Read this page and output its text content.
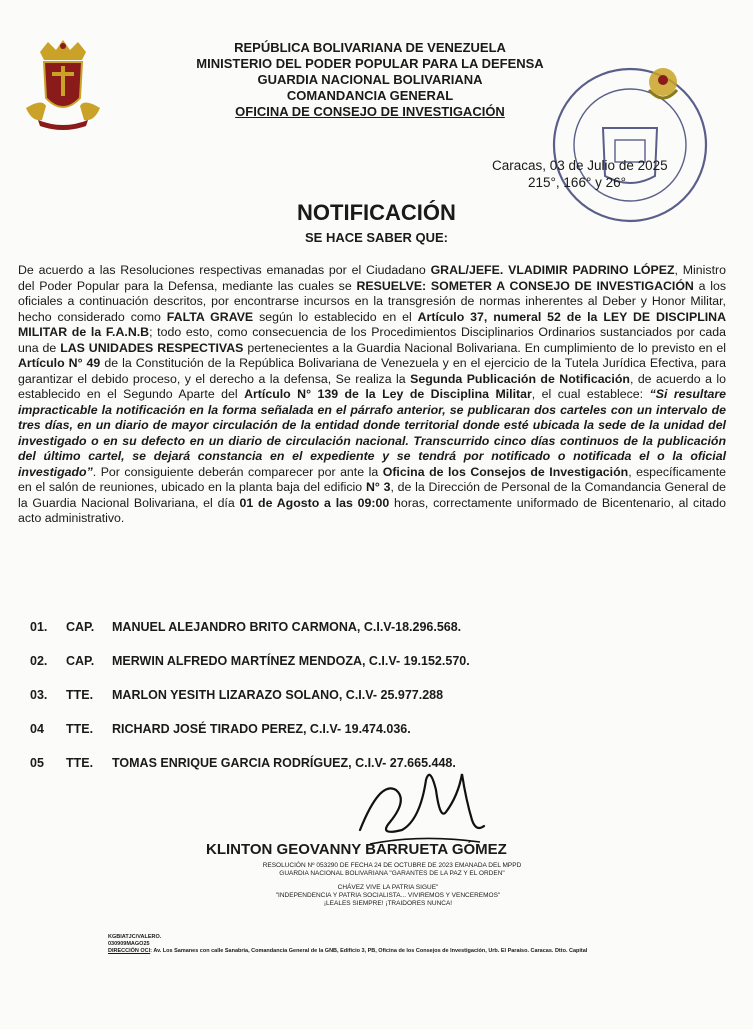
REPÚBLICA BOLIVARIANA DE VENEZUELA
MINISTERIO DEL PODER POPULAR PARA LA DEFENSA
GUARDIA NACIONAL BOLIVARIANA
COMANDANCIA GENERAL
OFICINA DE CONSEJO DE INVESTIGACIÓN
Caracas, 03 de Julio de 2025
215°, 166° y 26°
NOTIFICACIÓN
SE HACE SABER QUE:
De acuerdo a las Resoluciones respectivas emanadas por el Ciudadano GRAL/JEFE. VLADIMIR PADRINO LÓPEZ, Ministro del Poder Popular para la Defensa, mediante las cuales se RESUELVE: SOMETER A CONSEJO DE INVESTIGACIÓN a los oficiales a continuación descritos, por encontrarse incursos en la transgresión de normas inherentes al Deber y Honor Militar, hecho considerado como FALTA GRAVE según lo establecido en el Artículo 37, numeral 52 de la LEY DE DISCIPLINA MILITAR de la F.A.N.B; todo esto, como consecuencia de los Procedimientos Disciplinarios Ordinarios sustanciados por cada una de LAS UNIDADES RESPECTIVAS pertenecientes a la Guardia Nacional Bolivariana. En cumplimiento de lo previsto en el Artículo N° 49 de la Constitución de la República Bolivariana de Venezuela y en el ejercicio de la Tutela Jurídica Efectiva, para garantizar el debido proceso, y el derecho a la defensa, Se realiza la Segunda Publicación de Notificación, de acuerdo a lo establecido en el Segundo Aparte del Artículo N° 139 de la Ley de Disciplina Militar, el cual establece: “Si resultare impracticable la notificación en la forma señalada en el párrafo anterior, se publicaran dos carteles con un intervalo de tres días, en un diario de mayor circulación de la entidad donde territorial donde esté ubicada la sede de la unidad del investigado o en su defecto en un diario de circulación nacional. Transcurrido cinco días continuos de la publicación del último cartel, se dejará constancia en el expediente y se tendrá por notificado o notificada el o la oficial investigado”. Por consiguiente deberán comparecer por ante la Oficina de los Consejos de Investigación, específicamente en el salón de reuniones, ubicado en la planta baja del edificio N° 3, de la Dirección de Personal de la Comandancia General de la Guardia Nacional Bolivariana, el día 01 de Agosto a las 09:00 horas, correctamente uniformado de Bicentenario, al citado acto administrativo.
01.	CAP.	MANUEL ALEJANDRO BRITO CARMONA, C.I.V-18.296.568.
02.	CAP.	MERWIN ALFREDO MARTÍNEZ MENDOZA, C.I.V- 19.152.570.
03.	TTE.	MARLON YESITH LIZARAZO SOLANO, C.I.V- 25.977.288
04	TTE.	RICHARD JOSÉ TIRADO PEREZ, C.I.V- 19.474.036.
05	TTE.	TOMAS ENRIQUE GARCIA RODRÍGUEZ, C.I.V- 27.665.448.
KLINTON GEOVANNY BARRUETA GÓMEZ
RESOLUCIÓN Nº 053290 DE FECHA 24 DE OCTUBRE DE 2023 EMANADA DEL MPPD
GUARDIA NACIONAL BOLIVARIANA "GARANTES DE LA PAZ Y EL ORDEN"
CHÁVEZ VIVE LA PATRIA SIGUE"
"INDEPENDENCIA Y PATRIA SOCIALISTA... VIVIREMOS Y VENCEREMOS"
¡LEALES SIEMPRE! ¡TRAIDORES NUNCA!
KGBIATJC/VALERO.
030909MAGO25
DIRECCIÓN OCI: Av. Los Samanes con calle Sanabria, Comandancia General de la GNB, Edificio 3, PB, Oficina de los Consejos de Investigación, Urb. El Paraíso. Caracas. Dtto. Capital
